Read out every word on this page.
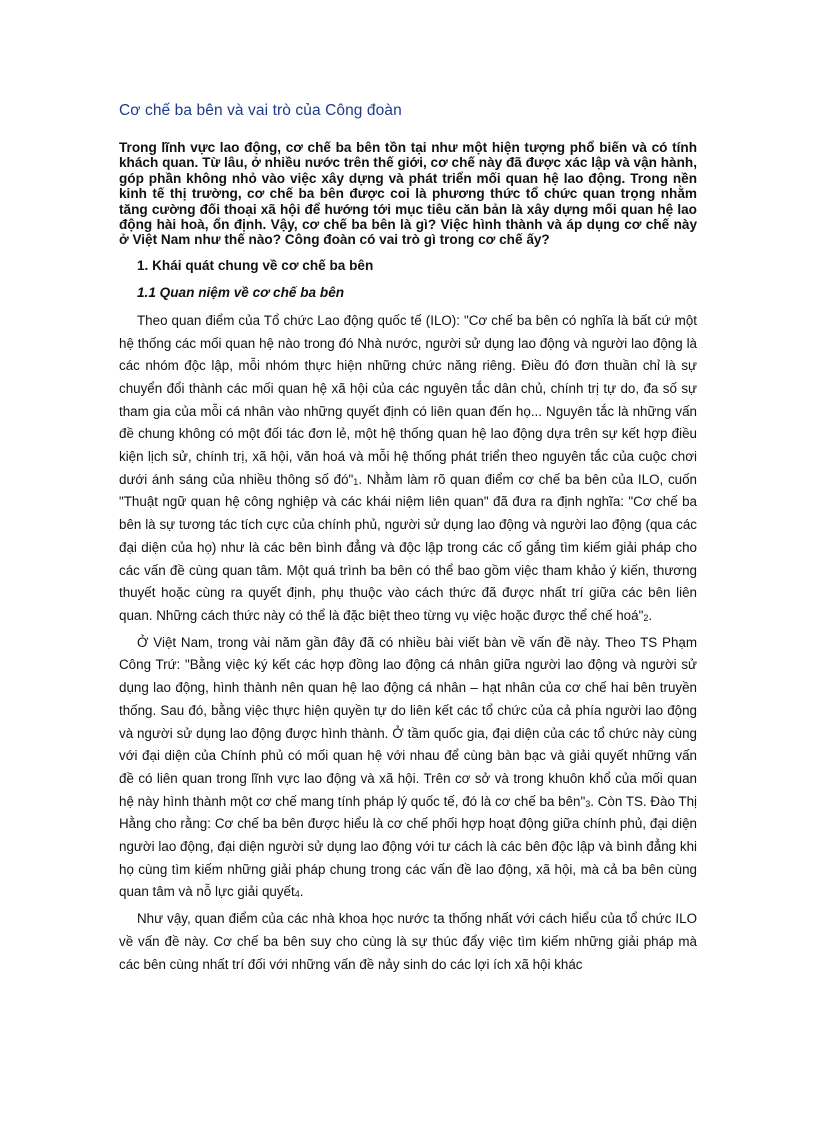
Cơ chế ba bên và vai trò của Công đoàn

Trong lĩnh vực lao động, cơ chế ba bên tồn tại như một hiện tượng phổ biến và có tính khách quan. Từ lâu, ở nhiều nước trên thế giới, cơ chế này đã được xác lập và vận hành, góp phần không nhỏ vào việc xây dựng và phát triển mối quan hệ lao động. Trong nền kinh tế thị trường, cơ chế ba bên được coi là phương thức tổ chức quan trọng nhằm tăng cường đối thoại xã hội để hướng tới mục tiêu căn bản là xây dựng mối quan hệ lao động hài hoà, ổn định. Vậy, cơ chế ba bên là gì? Việc hình thành và áp dụng cơ chế này ở Việt Nam như thế nào? Công đoàn có vai trò gì trong cơ chế ấy?

1. Khái quát chung về cơ chế ba bên
1.1 Quan niệm về cơ chế ba bên

Theo quan điểm của Tổ chức Lao động quốc tế (ILO): "Cơ chế ba bên có nghĩa là bất cứ một hệ thống các mối quan hệ nào trong đó Nhà nước, người sử dụng lao động và người lao động là các nhóm độc lập, mỗi nhóm thực hiện những chức năng riêng. Điều đó đơn thuần chỉ là sự chuyển đổi thành các mối quan hệ xã hội của các nguyên tắc dân chủ, chính trị tự do, đa số sự tham gia của mỗi cá nhân vào những quyết định có liên quan đến họ... Nguyên tắc là những vấn đề chung không có một đối tác đơn lẻ, một hệ thống quan hệ lao động dựa trên sự kết hợp điều kiện lịch sử, chính trị, xã hội, văn hoá và mỗi hệ thống phát triển theo nguyên tắc của cuộc chơi dưới ánh sáng của nhiều thông số $đó"_1$. Nhằm làm rõ quan điểm cơ chế ba bên của ILO, cuốn "Thuật ngữ quan hệ công nghiệp và các khái niệm liên quan" đã đưa ra định nghĩa: "Cơ chế ba bên là sự tương tác tích cực của chính phủ, người sử dụng lao động và người lao động (qua các đại diện của họ) như là các bên bình đẳng và độc lập trong các cố gắng tìm kiếm giải pháp cho các vấn đề cùng quan tâm. Một quá trình ba bên có thể bao gồm việc tham khảo ý kiến, thương thuyết hoặc cùng ra quyết định, phụ thuộc vào cách thức đã được nhất trí giữa các bên liên quan. Những cách thức này có thể là đặc biệt theo từng vụ việc hoặc được thể chế $hoá"_2$.

Ở Việt Nam, trong vài năm gần đây đã có nhiều bài viết bàn về vấn đề này. Theo TS Phạm Công Trứ: "Bằng việc ký kết các hợp đồng lao động cá nhân giữa người lao động và người sử dụng lao động, hình thành nên quan hệ lao động cá nhân – hạt nhân của cơ chế hai bên truyền thống. Sau đó, bằng việc thực hiện quyền tự do liên kết các tổ chức của cả phía người lao động và người sử dụng lao động được hình thành. Ở tầm quốc gia, đại diện của các tổ chức này cùng với đại diện của Chính phủ có mối quan hệ với nhau để cùng bàn bạc và giải quyết những vấn đề có liên quan trong lĩnh vực lao động và xã hội. Trên cơ sở và trong khuôn khổ của mối quan hệ này hình thành một cơ chế mang tính pháp lý quốc tế, đó là cơ chế ba $bên"_3$. Còn TS. Đào Thị Hằng cho rằng: Cơ chế ba bên được hiểu là cơ chế phối hợp hoạt động giữa chính phủ, đại diện người lao động, đại diện người sử dụng lao động với tư cách là các bên độc lập và bình đẳng khi họ cùng tìm kiếm những giải pháp chung trong các vấn đề lao động, xã hội, mà cả ba bên cùng quan tâm và nỗ lực giải quyết$_4$.

Như vậy, quan điểm của các nhà khoa học nước ta thống nhất với cách hiểu của tổ chức ILO về vấn đề này. Cơ chế ba bên suy cho cùng là sự thúc đẩy việc tìm kiếm những giải pháp mà các bên cùng nhất trí đối với những vấn đề nảy sinh do các lợi ích xã hội khác
